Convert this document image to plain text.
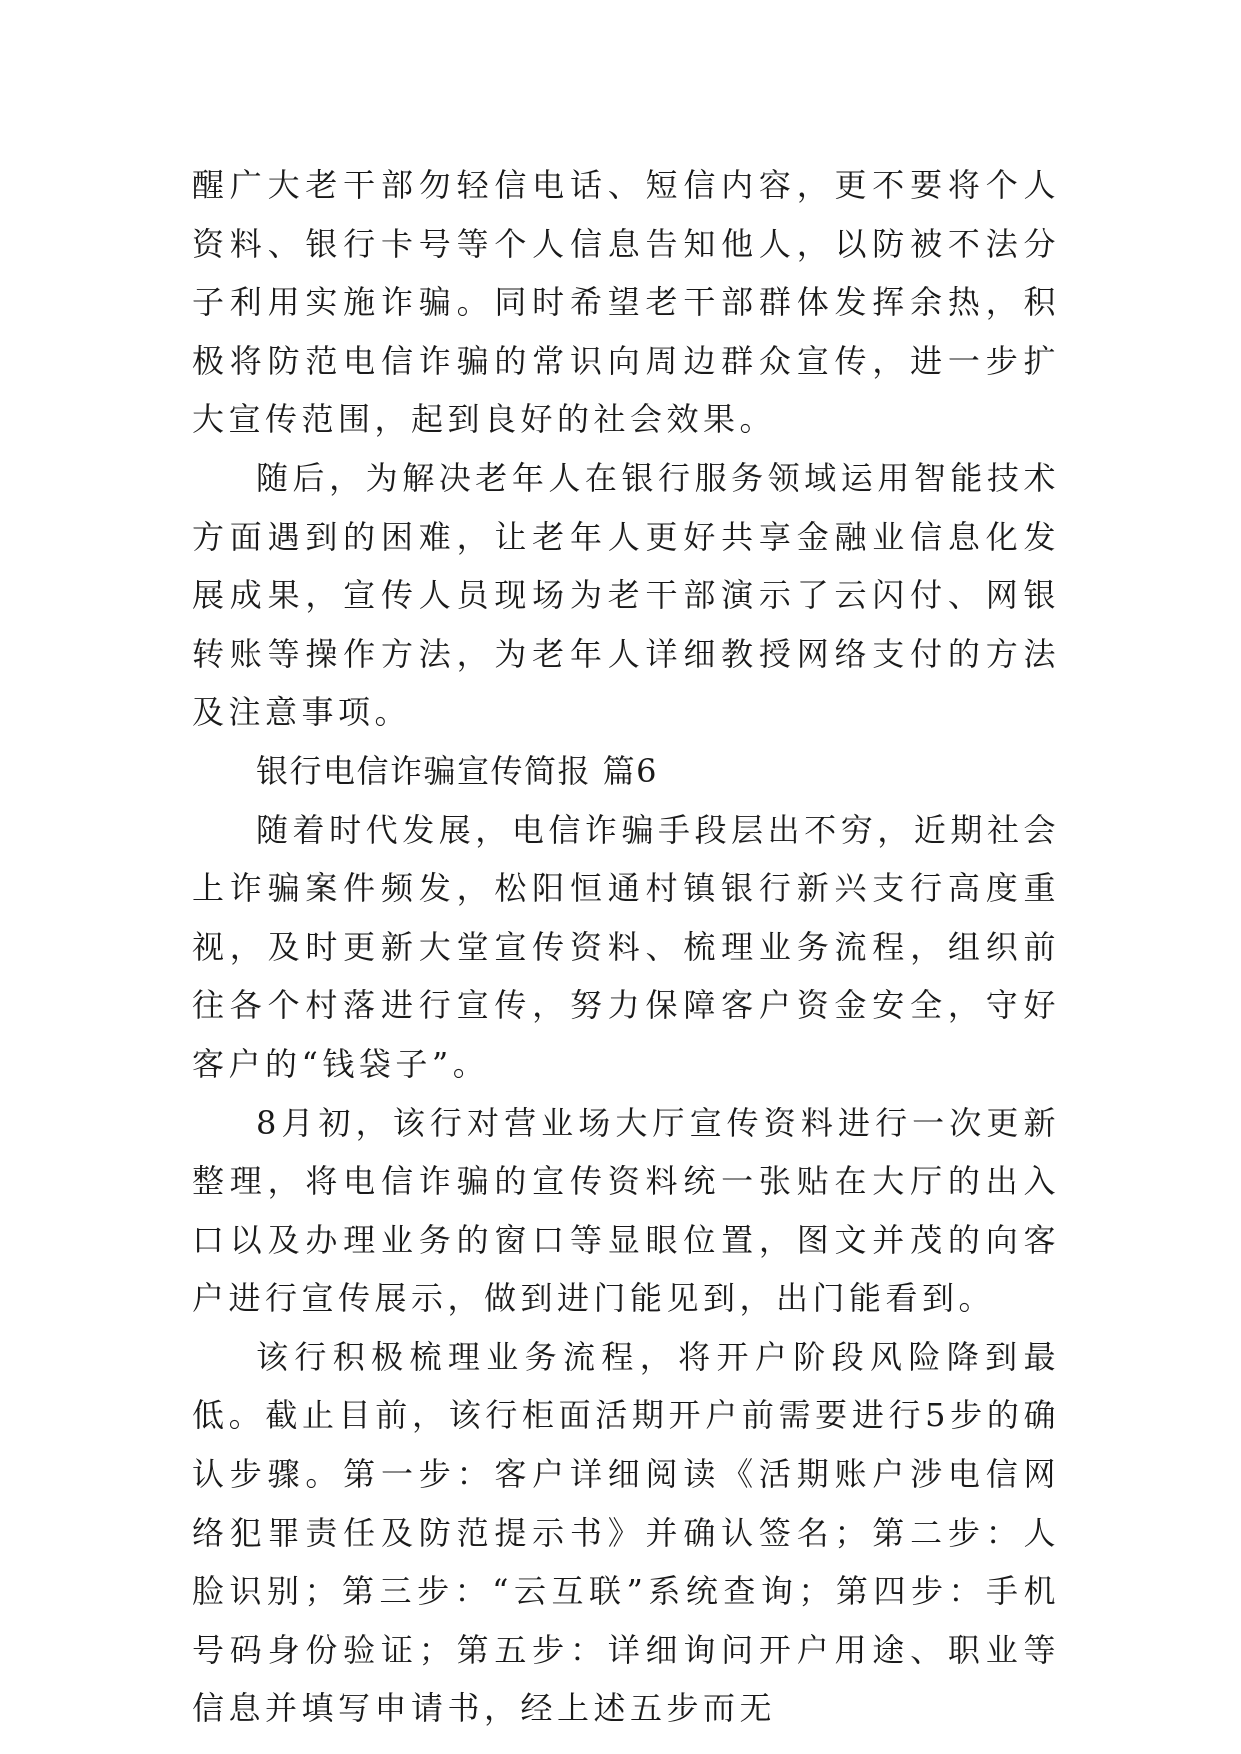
醒广大老干部勿轻信电话、短信内容，更不要将个人资料、银行卡号等个人信息告知他人，以防被不法分子利用实施诈骗。同时希望老干部群体发挥余热，积极将防范电信诈骗的常识向周边群众宣传，进一步扩大宣传范围，起到良好的社会效果。

随后，为解决老年人在银行服务领域运用智能技术方面遇到的困难，让老年人更好共享金融业信息化发展成果，宣传人员现场为老干部演示了云闪付、网银转账等操作方法，为老年人详细教授网络支付的方法及注意事项。

银行电信诈骗宣传简报 篇6

随着时代发展，电信诈骗手段层出不穷，近期社会上诈骗案件频发，松阳恒通村镇银行新兴支行高度重视，及时更新大堂宣传资料、梳理业务流程，组织前往各个村落进行宣传，努力保障客户资金安全，守好客户的“钱袋子”。

8月初，该行对营业场大厅宣传资料进行一次更新整理，将电信诈骗的宣传资料统一张贴在大厅的出入口以及办理业务的窗口等显眼位置，图文并茂的向客户进行宣传展示，做到进门能见到，出门能看到。

该行积极梳理业务流程，将开户阶段风险降到最低。截止目前，该行柜面活期开户前需要进行5步的确认步骤。第一步：客户详细阅读《活期账户涉电信网络犯罪责任及防范提示书》并确认签名；第二步：人脸识别；第三步：“云互联”系统查询；第四步：手机号码身份验证；第五步：详细询问开户用途、职业等信息并填写申请书，经上述五步而无
